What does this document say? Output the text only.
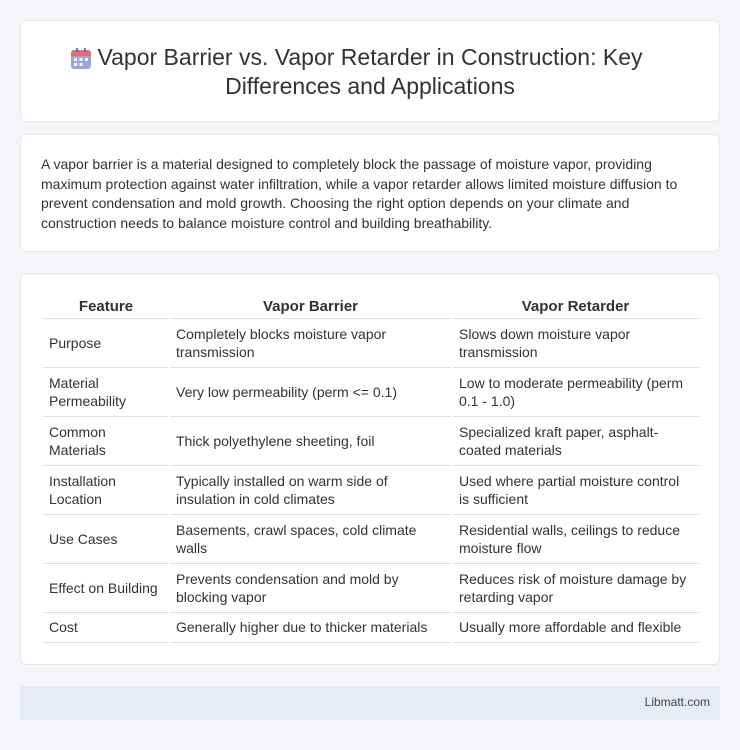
Vapor Barrier vs. Vapor Retarder in Construction: Key Differences and Applications

A vapor barrier is a material designed to completely block the passage of moisture vapor, providing maximum protection against water infiltration, while a vapor retarder allows limited moisture diffusion to prevent condensation and mold growth. Choosing the right option depends on your climate and construction needs to balance moisture control and building breathability.

Feature	Vapor Barrier	Vapor Retarder
Purpose	Completely blocks moisture vapor transmission	Slows down moisture vapor transmission
Material Permeability	Very low permeability (perm <= 0.1)	Low to moderate permeability (perm 0.1 - 1.0)
Common Materials	Thick polyethylene sheeting, foil	Specialized kraft paper, asphalt-coated materials
Installation Location	Typically installed on warm side of insulation in cold climates	Used where partial moisture control is sufficient
Use Cases	Basements, crawl spaces, cold climate walls	Residential walls, ceilings to reduce moisture flow
Effect on Building	Prevents condensation and mold by blocking vapor	Reduces risk of moisture damage by retarding vapor
Cost	Generally higher due to thicker materials	Usually more affordable and flexible
Libmatt.com
